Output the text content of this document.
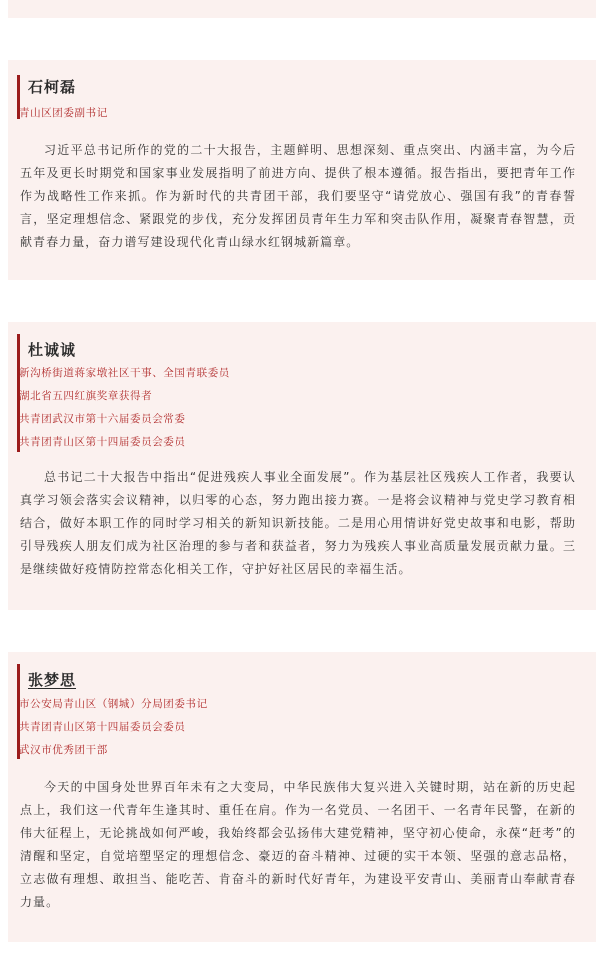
石柯磊
青山区团委副书记

习近平总书记所作的党的二十大报告，主题鲜明、思想深刻、重点突出、内涵丰富，为今后五年及更长时期党和国家事业发展指明了前进方向、提供了根本遵循。报告指出，要把青年工作作为战略性工作来抓。作为新时代的共青团干部，我们要坚守“请党放心、强国有我”的青春誓言，坚定理想信念、紧跟党的步伐，充分发挥团员青年生力军和突击队作用，凝聚青春智慧，贡献青春力量，奋力谱写建设现代化青山绿水红钢城新篇章。

杜诚诚
新沟桥街道蒋家墩社区干事、全国青联委员
湖北省五四红旗奖章获得者
共青团武汉市第十六届委员会常委
共青团青山区第十四届委员会委员

总书记二十大报告中指出“促进残疾人事业全面发展”。作为基层社区残疾人工作者，我要认真学习领会落实会议精神，以归零的心态，努力跑出接力赛。一是将会议精神与党史学习教育相结合，做好本职工作的同时学习相关的新知识新技能。二是用心用情讲好党史故事和电影，帮助引导残疾人朋友们成为社区治理的参与者和获益者，努力为残疾人事业高质量发展贡献力量。三是继续做好疫情防控常态化相关工作，守护好社区居民的幸福生活。

张梦思
市公安局青山区（钢城）分局团委书记
共青团青山区第十四届委员会委员
武汉市优秀团干部

今天的中国身处世界百年未有之大变局，中华民族伟大复兴进入关键时期，站在新的历史起点上，我们这一代青年生逢其时、重任在肩。作为一名党员、一名团干、一名青年民警，在新的伟大征程上，无论挑战如何严峻，我始终都会弘扬伟大建党精神，坚守初心使命，永葆“赶考”的清醒和坚定，自觉培塑坚定的理想信念、豪迈的奋斗精神、过硬的实干本领、坚强的意志品格，立志做有理想、敢担当、能吃苦、肯奋斗的新时代好青年，为建设平安青山、美丽青山奉献青春力量。
